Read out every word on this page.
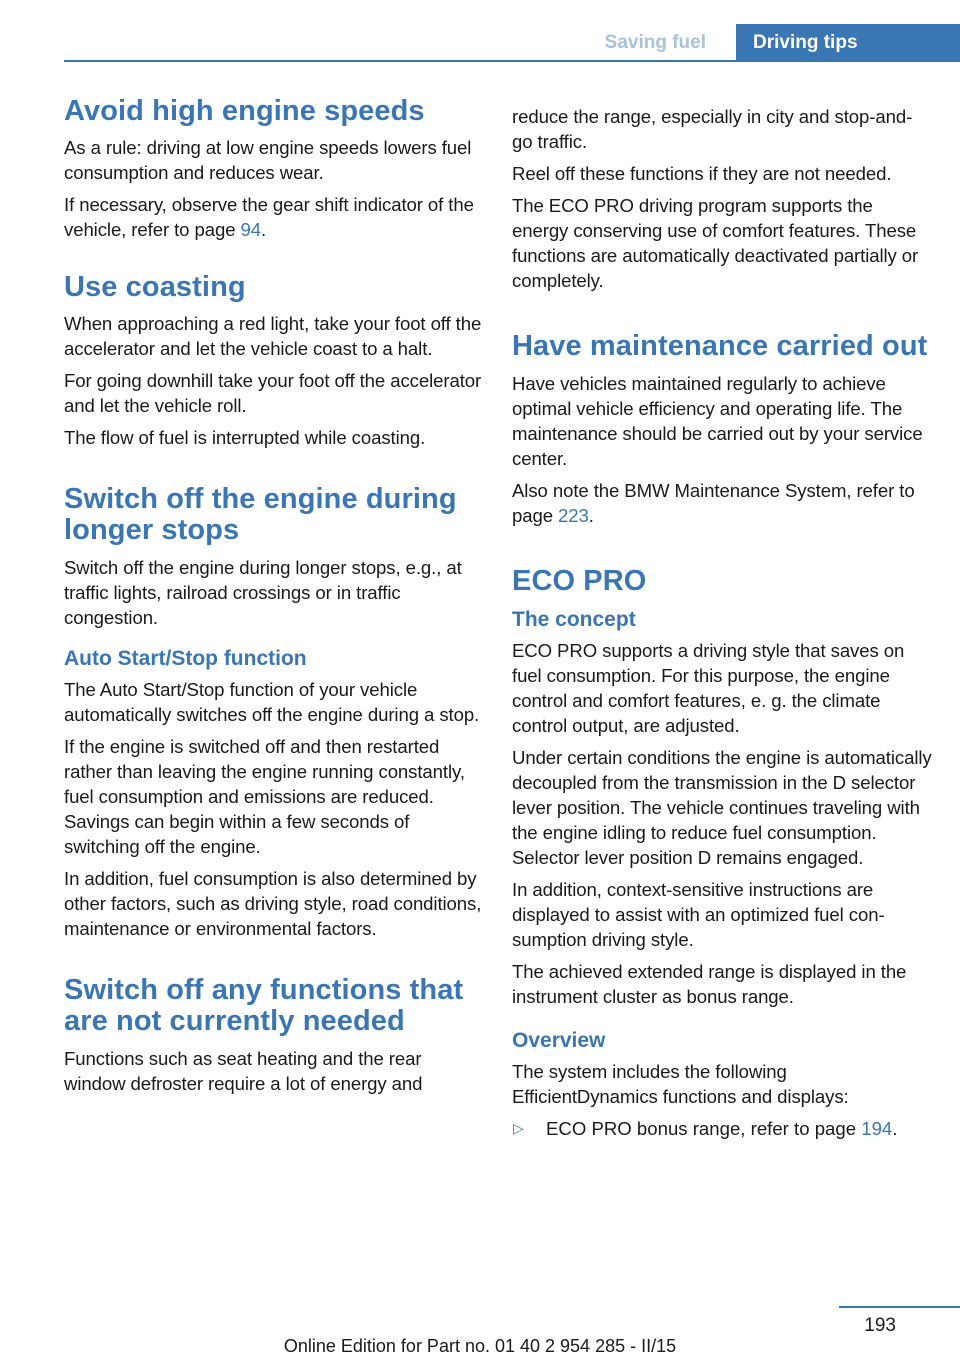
Saving fuel	Driving tips
Avoid high engine speeds

As a rule: driving at low engine speeds lowers fuel consumption and reduces wear.

If necessary, observe the gear shift indicator of the vehicle, refer to page 94.

Use coasting

When approaching a red light, take your foot off the accelerator and let the vehicle coast to a halt.

For going downhill take your foot off the accelerator and let the vehicle roll.

The flow of fuel is interrupted while coasting.

Switch off the engine during longer stops

Switch off the engine during longer stops, e.g., at traffic lights, railroad crossings or in traffic congestion.

Auto Start/Stop function

The Auto Start/Stop function of your vehicle automatically switches off the engine during a stop.

If the engine is switched off and then restarted rather than leaving the engine running constantly, fuel consumption and emissions are reduced. Savings can begin within a few seconds of switching off the engine.

In addition, fuel consumption is also determined by other factors, such as driving style, road conditions, maintenance or environmental factors.

Switch off any functions that are not currently needed

Functions such as seat heating and the rear window defroster require a lot of energy and

reduce the range, especially in city and stop-and-go traffic.

Reel off these functions if they are not needed.

The ECO PRO driving program supports the energy conserving use of comfort features. These functions are automatically deactivated partially or completely.

Have maintenance carried out

Have vehicles maintained regularly to achieve optimal vehicle efficiency and operating life. The maintenance should be carried out by your service center.

Also note the BMW Maintenance System, refer to page 223.

ECO PRO
The concept

ECO PRO supports a driving style that saves on fuel consumption. For this purpose, the engine control and comfort features, e. g. the climate control output, are adjusted.

Under certain conditions the engine is automatically decoupled from the transmission in the D selector lever position. The vehicle continues traveling with the engine idling to reduce fuel consumption. Selector lever position D remains engaged.

In addition, context-sensitive instructions are displayed to assist with an optimized fuel consumption driving style.

The achieved extended range is displayed in the instrument cluster as bonus range.

Overview

The system includes the following EfficientDynamics functions and displays:

▷	ECO PRO bonus range, refer to page 194.
193
Online Edition for Part no. 01 40 2 954 285 - II/15
